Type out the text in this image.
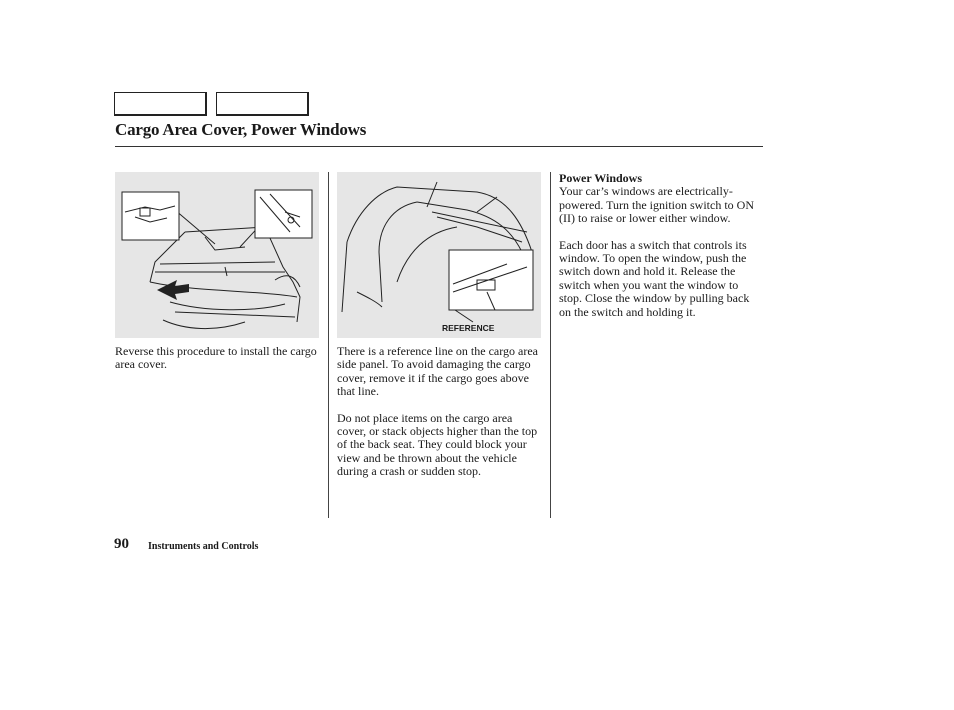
Cargo Area Cover, Power Windows
REFERENCE

Reverse this procedure to install the cargo area cover.

There is a reference line on the cargo area side panel. To avoid damaging the cargo cover, remove it if the cargo goes above that line.

Do not place items on the cargo area cover, or stack objects higher than the top of the back seat. They could block your view and be thrown about the vehicle during a crash or sudden stop.

Power Windows

Your car’s windows are electrically-powered. Turn the ignition switch to ON (II) to raise or lower either window.

Each door has a switch that controls its window. To open the window, push the switch down and hold it. Release the switch when you want the window to stop. Close the window by pulling back on the switch and holding it.

90 Instruments and Controls
